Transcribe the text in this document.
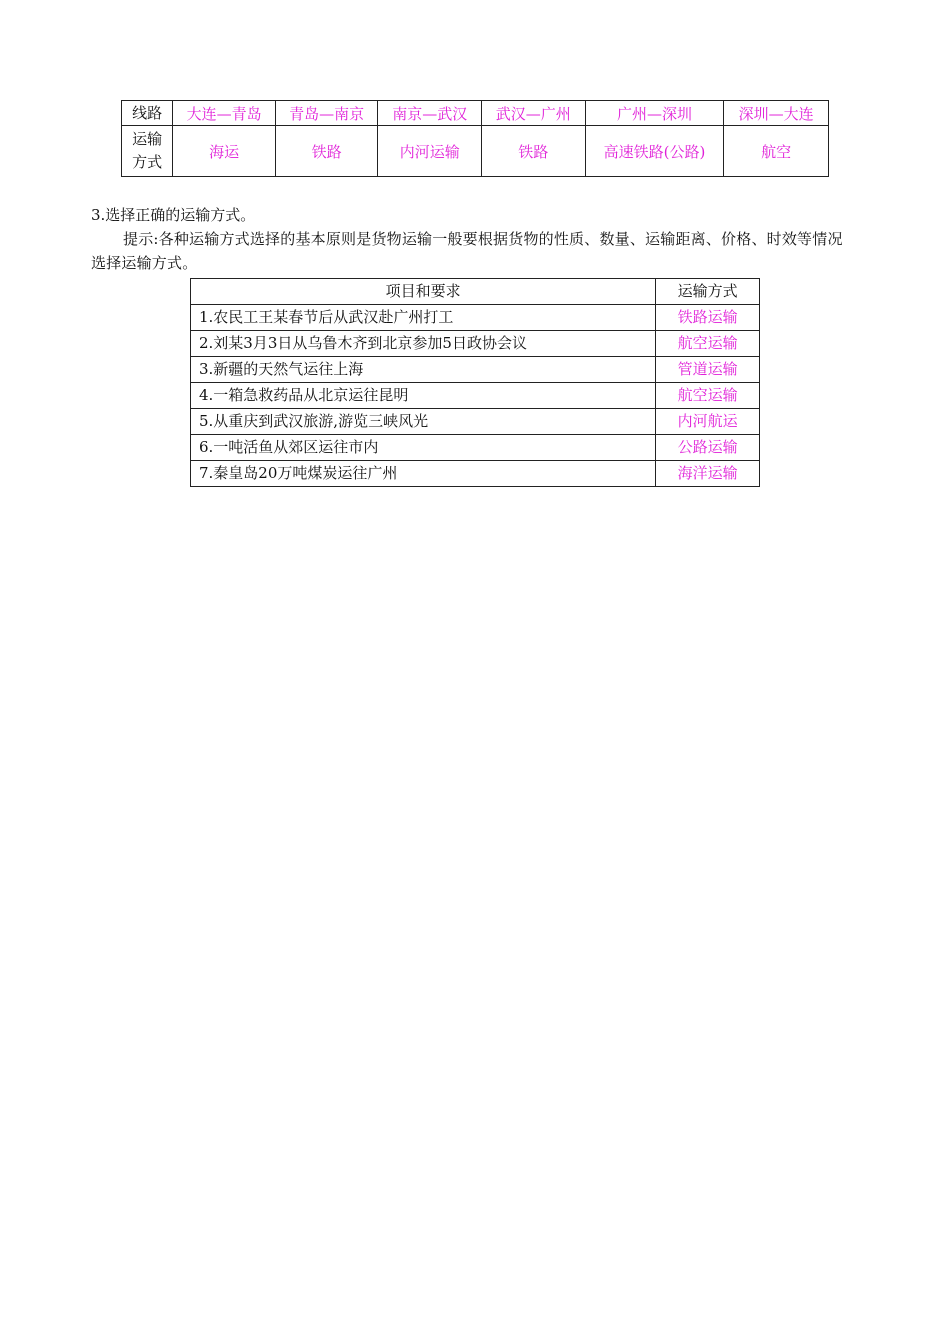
线路	大连—青岛	青岛—南京	南京—武汉	武汉—广州	广州—深圳	深圳—大连

运输
方式	海运	铁路	内河运输	铁路	高速铁路(公路)	航空
3.选择正确的运输方式。
提示:各种运输方式选择的基本原则是货物运输一般要根据货物的性质、数量、运输距离、价格、时效等情况选择运输方式。
项目和要求	运输方式
1.农民工王某春节后从武汉赴广州打工	铁路运输
2.刘某3月3日从乌鲁木齐到北京参加5日政协会议	航空运输
3.新疆的天然气运往上海	管道运输
4.一箱急救药品从北京运往昆明	航空运输
5.从重庆到武汉旅游,游览三峡风光	内河航运
6.一吨活鱼从郊区运往市内	公路运输
7.秦皇岛20万吨煤炭运往广州	海洋运输
